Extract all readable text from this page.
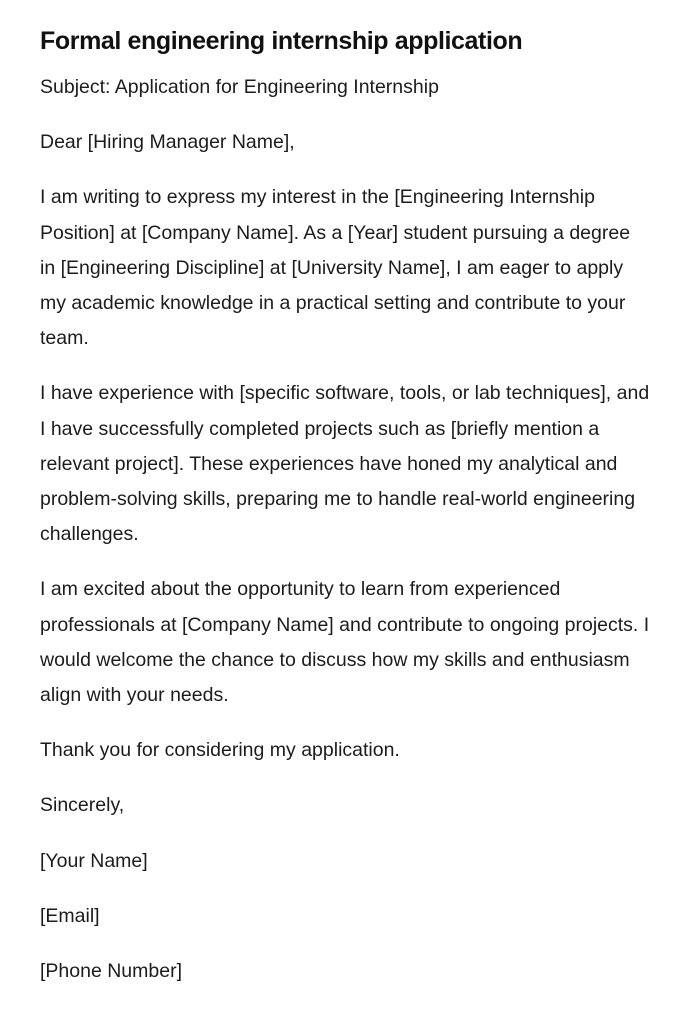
Formal engineering internship application

Subject: Application for Engineering Internship

Dear [Hiring Manager Name],

I am writing to express my interest in the [Engineering Internship Position] at [Company Name]. As a [Year] student pursuing a degree in [Engineering Discipline] at [University Name], I am eager to apply my academic knowledge in a practical setting and contribute to your team.

I have experience with [specific software, tools, or lab techniques], and I have successfully completed projects such as [briefly mention a relevant project]. These experiences have honed my analytical and problem-solving skills, preparing me to handle real-world engineering challenges.

I am excited about the opportunity to learn from experienced professionals at [Company Name] and contribute to ongoing projects. I would welcome the chance to discuss how my skills and enthusiasm align with your needs.

Thank you for considering my application.

Sincerely,

[Your Name]

[Email]

[Phone Number]
